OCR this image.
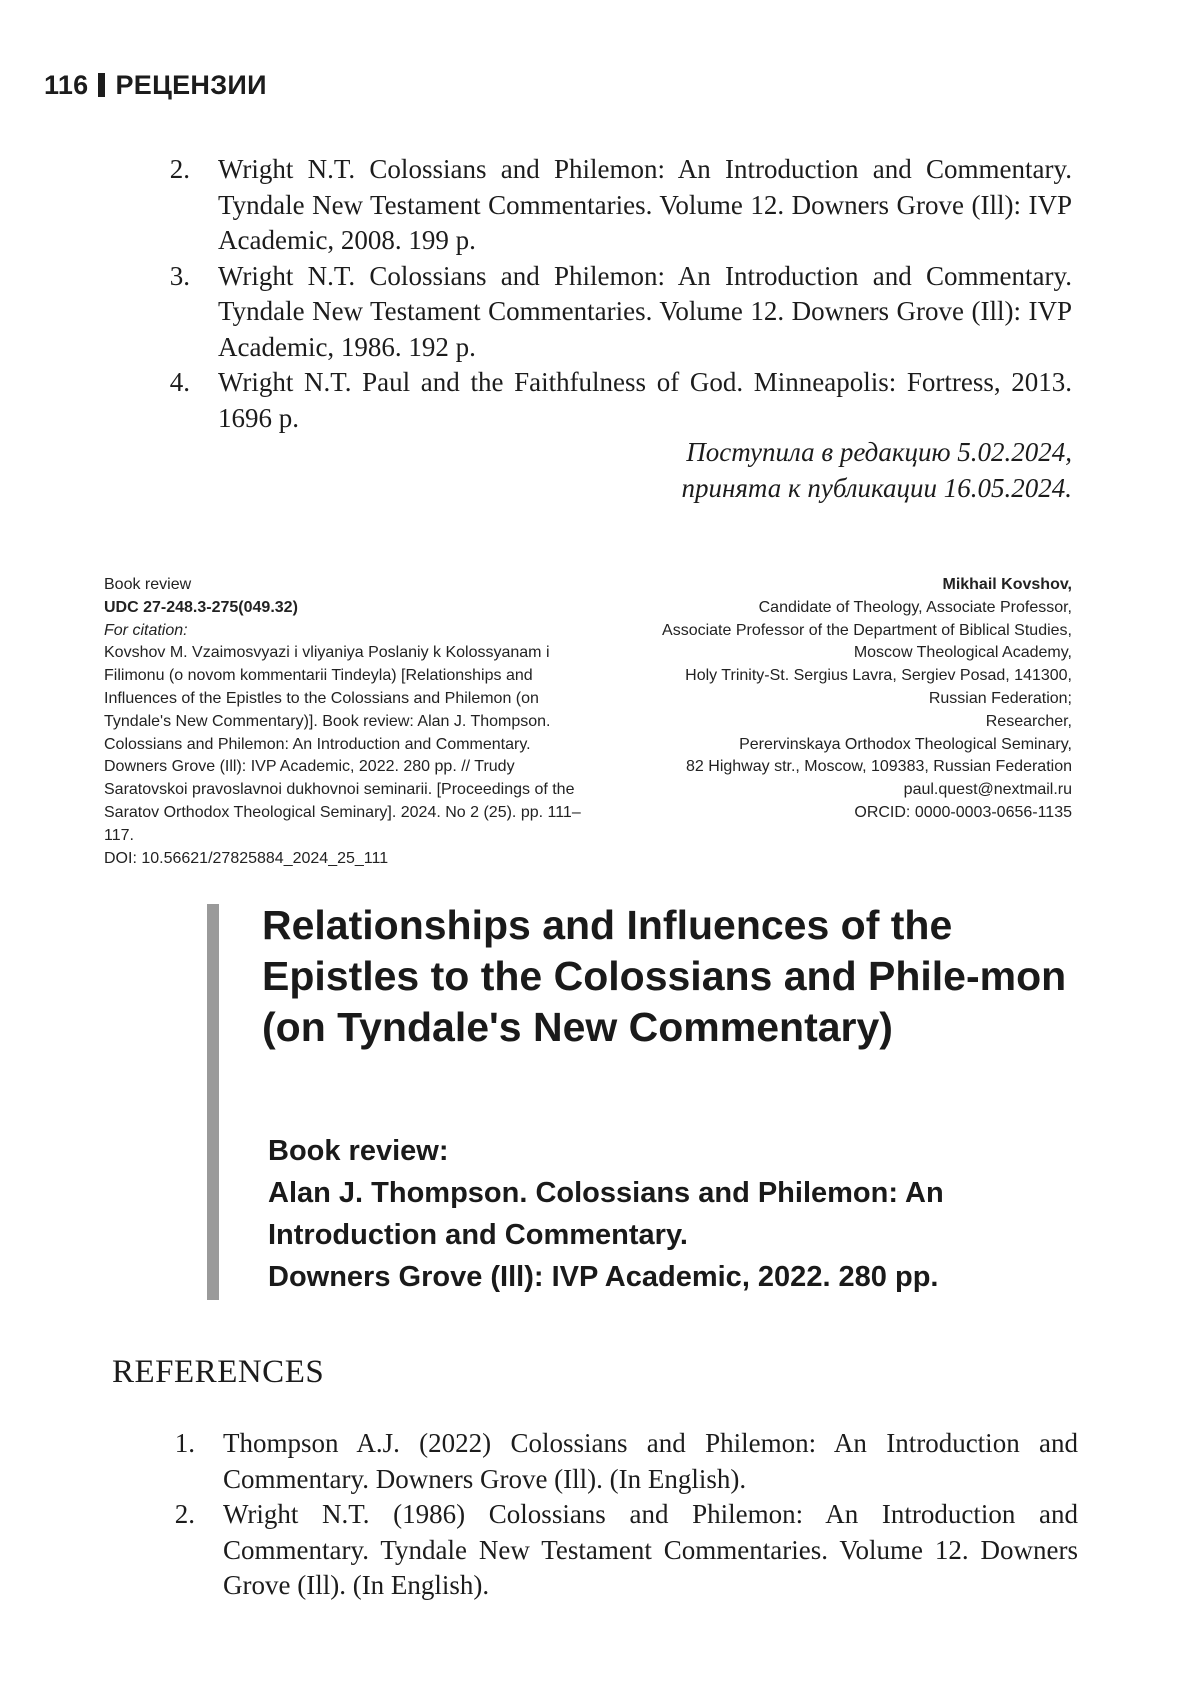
116 РЕЦЕНЗИИ
2. Wright N.T. Colossians and Philemon: An Introduction and Commentary. Tyndale New Testament Commentaries. Volume 12. Downers Grove (Ill): IVP Academic, 2008. 199 p.
3. Wright N.T. Colossians and Philemon: An Introduction and Commentary. Tyndale New Testament Commentaries. Volume 12. Downers Grove (Ill): IVP Academic, 1986. 192 p.
4. Wright N.T. Paul and the Faithfulness of God. Minneapolis: Fortress, 2013. 1696 p.
Поступила в редакцию 5.02.2024,
принята к публикации 16.05.2024.
Book review
UDC 27-248.3-275(049.32)
For citation:
Kovshov M. Vzaimosvyazi i vliyaniya Poslaniy k Kolossyanam i Filimonu (o novom kommentarii Tindeyla) [Relationships and Influences of the Epistles to the Colossians and Philemon (on Tyndale's New Commentary)]. Book review: Alan J. Thompson. Colossians and Philemon: An Introduction and Commentary. Downers Grove (Ill): IVP Academic, 2022. 280 pp. // Trudy Saratovskoi pravoslavnoi dukhovnoi seminarii. [Proceedings of the Saratov Orthodox Theological Seminary]. 2024. No 2 (25). pp. 111–117.
DOI: 10.56621/27825884_2024_25_111
Mikhail Kovshov,
Candidate of Theology, Associate Professor,
Associate Professor of the Department of Biblical Studies,
Moscow Theological Academy,
Holy Trinity-St. Sergius Lavra, Sergiev Posad, 141300,
Russian Federation;
Researcher,
Perervinskaya Orthodox Theological Seminary,
82 Highway str., Moscow, 109383, Russian Federation
paul.quest@nextmail.ru
ORCID: 0000-0003-0656-1135
Relationships and Influences of the Epistles to the Colossians and Phile-mon (on Tyndale's New Commentary)
Book review:
Alan J. Thompson. Colossians and Philemon: An Introduction and Commentary.
Downers Grove (Ill): IVP Academic, 2022. 280 pp.
REFERENCES
1. Thompson A.J. (2022) Colossians and Philemon: An Introduction and Commentary. Downers Grove (Ill). (In English).
2. Wright N.T. (1986) Colossians and Philemon: An Introduction and Commentary. Tyndale New Testament Commentaries. Volume 12. Downers Grove (Ill). (In English).
